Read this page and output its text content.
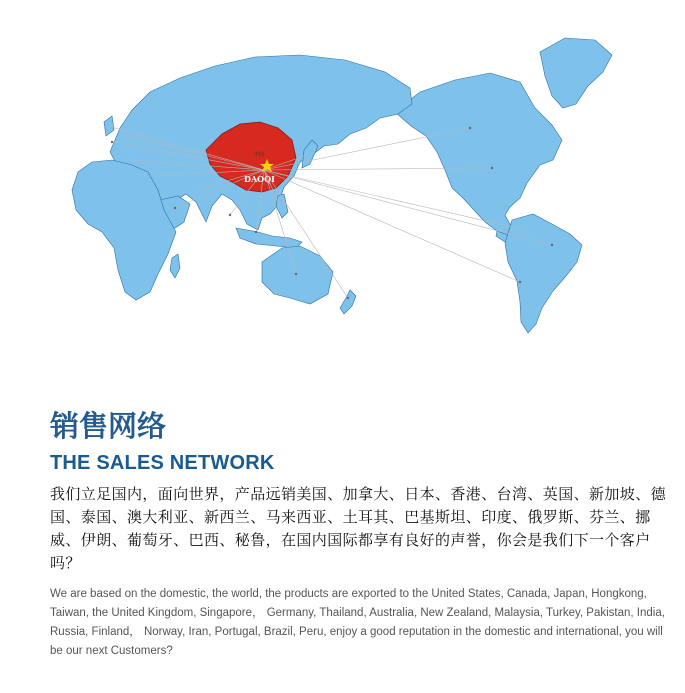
中国
DAOQI
销售网络
THE SALES NETWORK

我们立足国内，面向世界，产品远销美国、加拿大、日本、香港、台湾、英国、新加坡、德国、泰国、澳大利亚、新西兰、马来西亚、土耳其、巴基斯坦、印度、俄罗斯、芬兰、挪威、伊朗、葡萄牙、巴西、秘鲁，在国内国际都享有良好的声誉，你会是我们下一个客户吗？

We are based on the domestic, the world, the products are exported to the United States, Canada, Japan, Hongkong, Taiwan, the United Kingdom, Singapore， Germany, Thailand, Australia, New Zealand, Malaysia, Turkey, Pakistan, India, Russia, Finland， Norway, Iran, Portugal, Brazil, Peru, enjoy a good reputation in the domestic and international, you will be our next Customers?
